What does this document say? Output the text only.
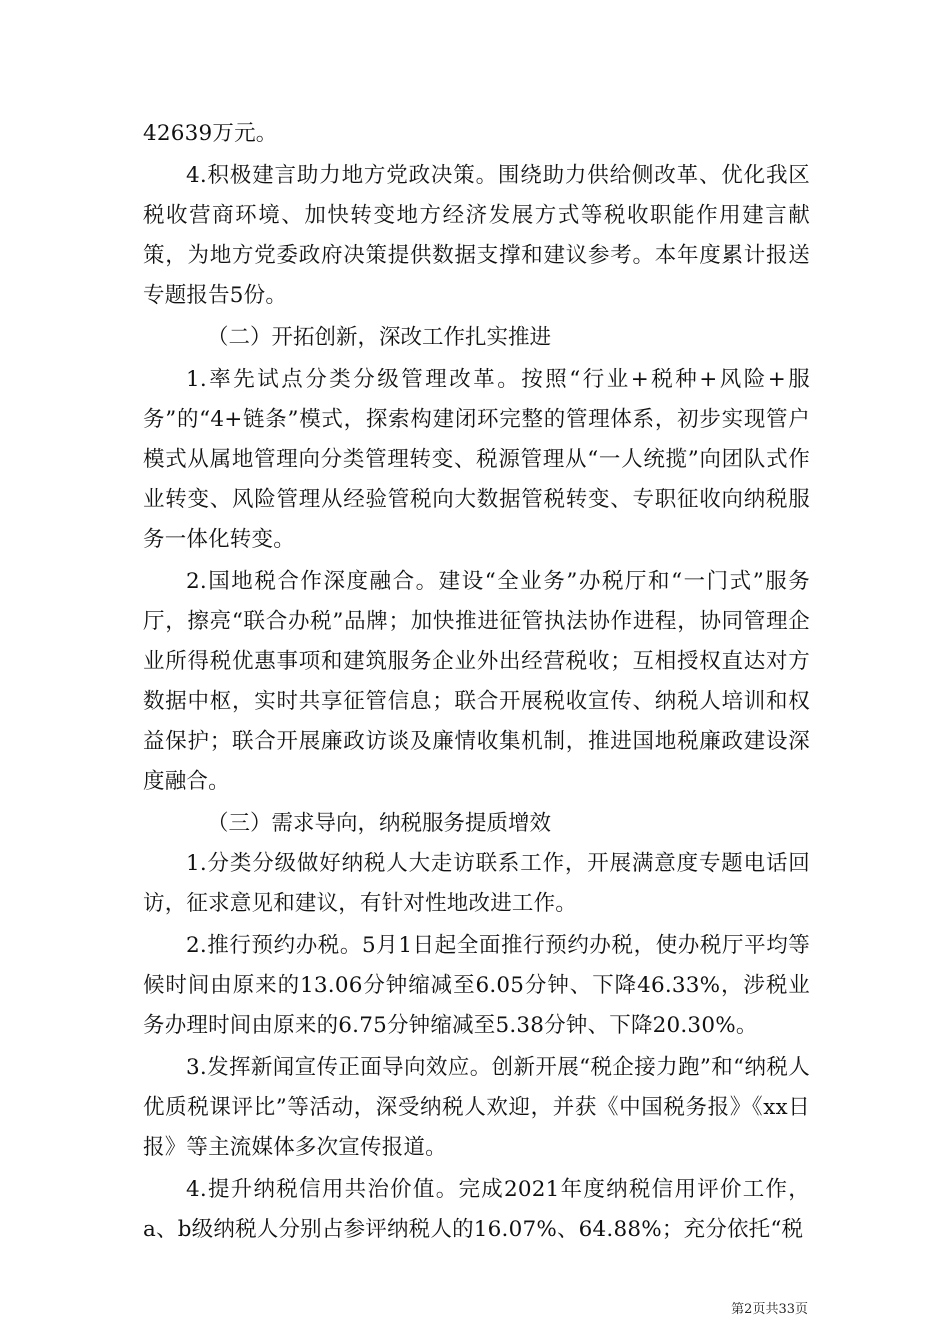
42639万元。

4.积极建言助力地方党政决策。围绕助力供给侧改革、优化我区税收营商环境、加快转变地方经济发展方式等税收职能作用建言献策，为地方党委政府决策提供数据支撑和建议参考。本年度累计报送专题报告5份。

（二）开拓创新，深改工作扎实推进

1.率先试点分类分级管理改革。按照“行业+税种+风险+服务”的“4+链条”模式，探索构建闭环完整的管理体系，初步实现管户模式从属地管理向分类管理转变、税源管理从“一人统揽”向团队式作业转变、风险管理从经验管税向大数据管税转变、专职征收向纳税服务一体化转变。

2.国地税合作深度融合。建设“全业务”办税厅和“一门式”服务厅，擦亮“联合办税”品牌；加快推进征管执法协作进程，协同管理企业所得税优惠事项和建筑服务企业外出经营税收；互相授权直达对方数据中枢，实时共享征管信息；联合开展税收宣传、纳税人培训和权益保护；联合开展廉政访谈及廉情收集机制，推进国地税廉政建设深度融合。

（三）需求导向，纳税服务提质增效

1.分类分级做好纳税人大走访联系工作，开展满意度专题电话回访，征求意见和建议，有针对性地改进工作。

2.推行预约办税。5月1日起全面推行预约办税，使办税厅平均等候时间由原来的13.06分钟缩减至6.05分钟、下降46.33%，涉税业务办理时间由原来的6.75分钟缩减至5.38分钟、下降20.30%。

3.发挥新闻宣传正面导向效应。创新开展“税企接力跑”和“纳税人优质税课评比”等活动，深受纳税人欢迎，并获《中国税务报》《xx日报》等主流媒体多次宣传报道。

4.提升纳税信用共治价值。完成2021年度纳税信用评价工作，a、b级纳税人分别占参评纳税人的16.07%、64.88%；充分依托“税

第2页共33页
